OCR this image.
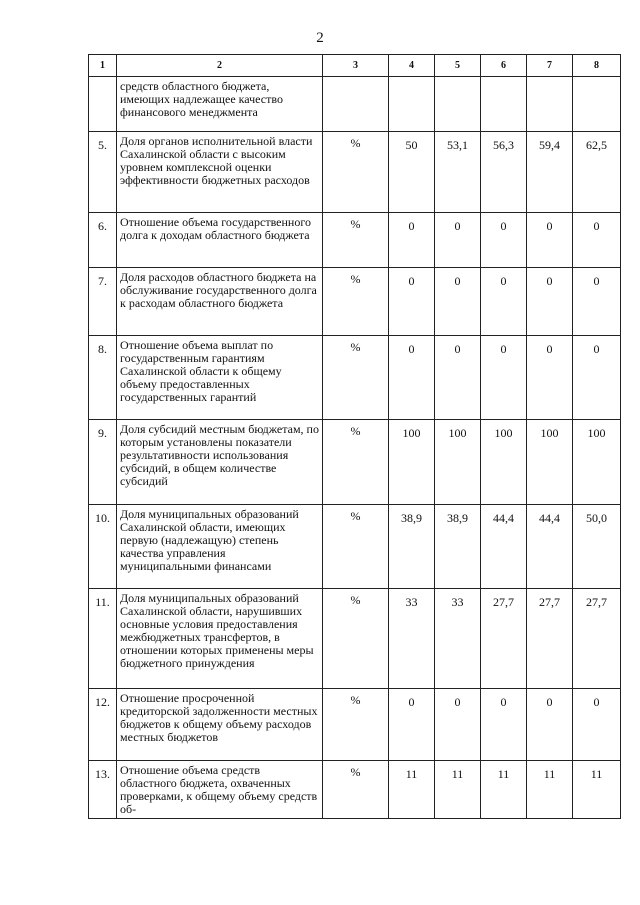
2
1	2	3	4	5	6	7	8

	средств областного бюджета, имеющих надлежащее качество финансового менеджмента						

5.	Доля органов исполнительной власти Сахалинской области с высоким уровнем комплексной оценки эффективности бюджетных расходов	%	50	53,1	56,3	59,4	62,5
6.	Отношение объема государственного долга к доходам областного бюджета	%	0	0	0	0	0
7.	Доля расходов областного бюджета на обслуживание государственного долга к расходам областного бюджета	%	0	0	0	0	0
8.	Отношение объема выплат по государственным гарантиям Сахалинской области к общему объему предоставленных государственных гарантий	%	0	0	0	0	0
9.	Доля субсидий местным бюджетам, по которым установлены показатели результативности использования субсидий, в общем количестве субсидий	%	100	100	100	100	100
10.	Доля муниципальных образований Сахалинской области, имеющих первую (надлежащую) степень качества управления муниципальными финансами	%	38,9	38,9	44,4	44,4	50,0
11.	Доля муниципальных образований Сахалинской области, нарушивших основные условия предоставления межбюджетных трансфертов, в отношении которых применены меры бюджетного принуждения	%	33	33	27,7	27,7	27,7
12.	Отношение просроченной кредиторской задолженности местных бюджетов к общему объему расходов местных бюджетов	%	0	0	0	0	0
13.	Отношение объема средств областного бюджета, охваченных проверками, к общему объему средств об-	%	11	11	11	11	11
